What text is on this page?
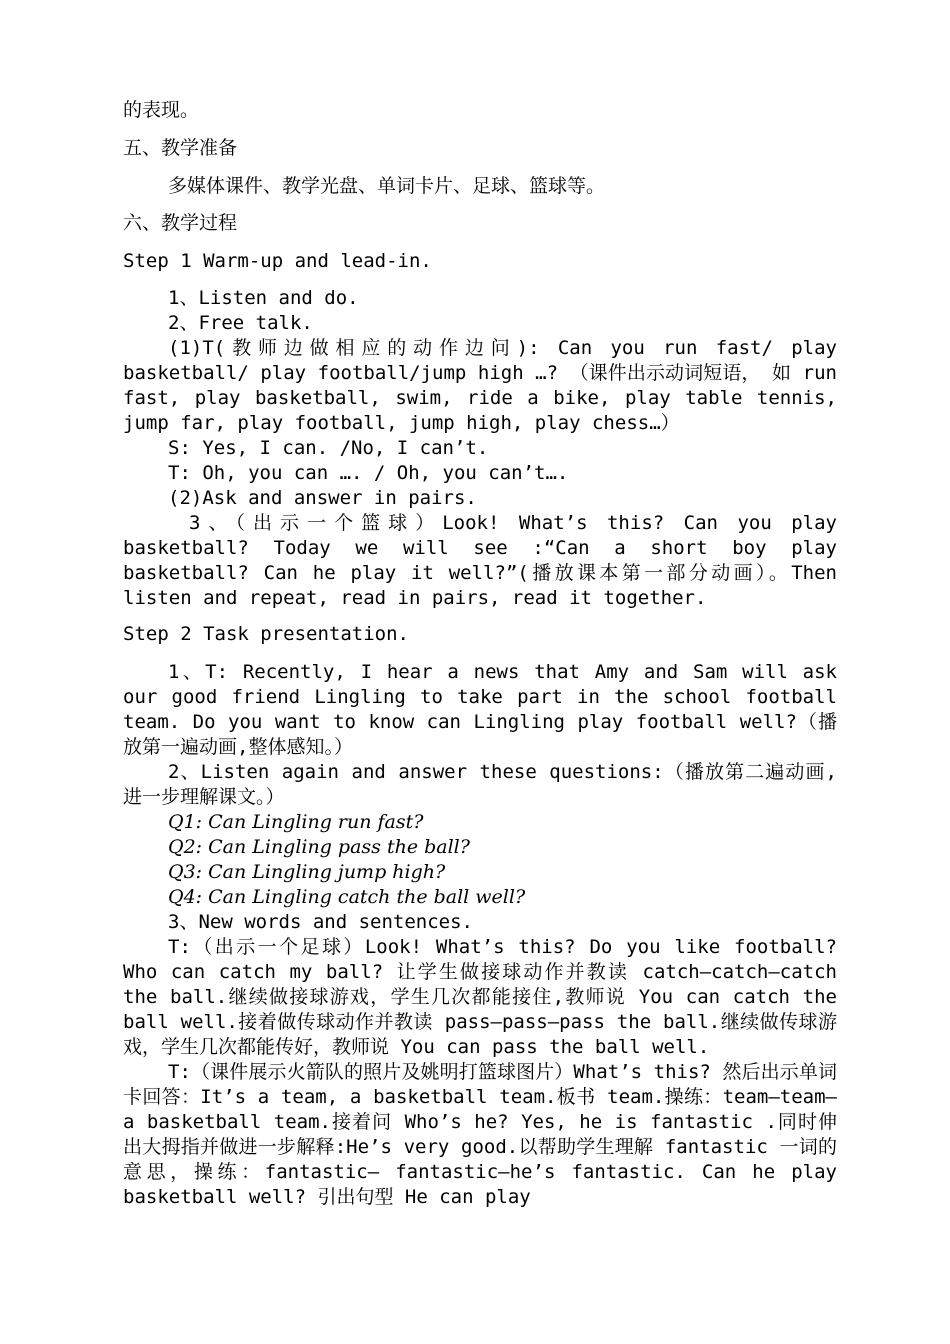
的表现。
五、教学准备
多媒体课件、教学光盘、单词卡片、足球、篮球等。
六、教学过程
Step 1 Warm-up and lead-in.

1、Listen and do.

2、Free talk.

(1)T(教师边做相应的动作边问): Can you run fast/ play basketball/ play football/jump high …? （课件出示动词短语， 如 run fast, play basketball, swim, ride a bike, play table tennis, jump far, play football, jump high, play chess…）

S: Yes, I can. /No, I can’t.

T: Oh, you can …. / Oh, you can’t….

(2)Ask and answer in pairs.

3、（出示一个篮球）Look! What’s this? Can you play basketball? Today we will see :“Can a short boy play basketball? Can he play it well?”(播放课本第一部分动画）。Then listen and repeat, read in pairs, read it together.

Step 2 Task presentation.

1、T: Recently, I hear a news that Amy and Sam will ask our good friend Lingling to take part in the school football team. Do you want to know can Lingling play football well?（播放第一遍动画,整体感知。）

2、Listen again and answer these questions:（播放第二遍动画,进一步理解课文。）

Q1: Can Lingling run fast?

Q2: Can Lingling pass the ball?

Q3: Can Lingling jump high?

Q4: Can Lingling catch the ball well?

3、New words and sentences.

T:（出示一个足球）Look! What’s this? Do you like football? Who can catch my ball? 让学生做接球动作并教读 catch—catch—catch the ball.继续做接球游戏，学生几次都能接住,教师说 You can catch the ball well.接着做传球动作并教读 pass—pass—pass the ball.继续做传球游戏，学生几次都能传好，教师说 You can pass the ball well.

T:（课件展示火箭队的照片及姚明打篮球图片）What’s this? 然后出示单词卡回答：It’s a team, a basketball team.板书 team.操练：team—team—a basketball team.接着问 Who’s he? Yes, he is fantastic .同时伸出大拇指并做进一步解释:He’s very good.以帮助学生理解 fantastic 一词的意思，操练：fantastic— fantastic—he’s fantastic. Can he play basketball well? 引出句型 He can play
